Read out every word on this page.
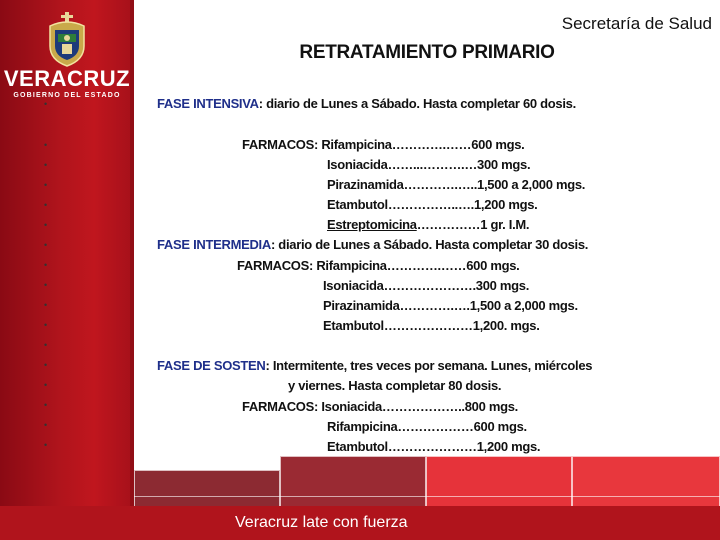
VERACRUZ
GOBIERNO DEL ESTADO
Secretaría de Salud
RETRATAMIENTO PRIMARIO
•
•
•
•
•
•
•
•
•
•
•
•
•
•
•
•
•
FASE INTENSIVA: diario de Lunes a Sábado. Hasta completar 60 dosis.
FARMACOS: Rifampicina………….……600 mgs.
Isoniacida……...……….…300 mgs.
Pirazinamida………….…..1,500 a 2,000 mgs.
Etambutol……………..….1,200 mgs.
Estreptomicina……………1 gr. I.M.
FASE INTERMEDIA: diario de Lunes a Sábado. Hasta completar 30 dosis.
FARMACOS: Rifampicina………….……600 mgs.
Isoniacida………………….300 mgs.
Pirazinamida………….….1,500 a 2,000 mgs.
Etambutol…………………1,200. mgs.
FASE DE SOSTEN: Intermitente, tres veces por semana. Lunes, miércoles
y viernes. Hasta completar 80 dosis.
FARMACOS: Isoniacida………………..800 mgs.
Rifampicina………………600 mgs.
Etambutol…………………1,200 mgs.
Veracruz late con fuerza
